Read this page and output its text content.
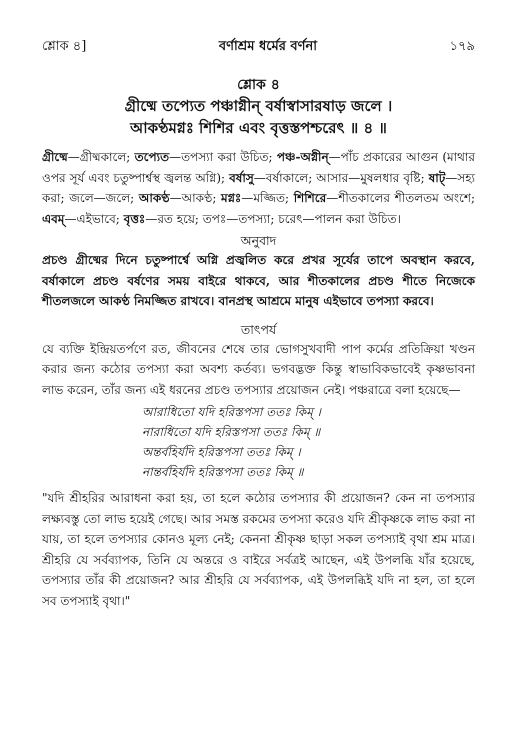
শ্লোক ৪]	বর্ণাশ্রম ধর্মের বর্ণনা	১৭৯
শ্লোক ৪
গ্রীষ্মে তপ্যেত পঞ্চাগ্নীন্ বর্ষাস্বাসারষাড় জলে ।
আকণ্ঠমগ্নঃ শিশির এবং বৃত্তস্তপশ্চরেৎ ॥ ৪ ॥
গ্রীষ্মে—গ্রীষ্মকালে; তপ্যেত—তপস্যা করা উচিত; পঞ্চ-অগ্নীন্—পাঁচ প্রকারের আগুন (মাথার ওপর সূর্য এবং চতুষ্পার্শ্বস্থ জ্বলন্ত অগ্নি); বর্ষাসু—বর্ষাকালে; আসার—মুষলধার বৃষ্টি; ষাট্—সহ্য করা; জলে—জলে; আকণ্ঠ—আকণ্ঠ; মগ্নঃ—মজ্জিত; শিশিরে—শীতকালের শীতলতম অংশে; এবম্—এইভাবে; বৃত্তঃ—রত হয়ে; তপঃ—তপস্যা; চরেৎ—পালন করা উচিত।
অনুবাদ
প্রচণ্ড গ্রীষ্মের দিনে চতুষ্পার্শ্বে অগ্নি প্রজ্বলিত করে প্রখর সূর্যের তাপে অবস্থান করবে, বর্ষাকালে প্রচণ্ড বর্ষণের সময় বাইরে থাকবে, আর শীতকালের প্রচণ্ড শীতে নিজেকে শীতলজলে আকণ্ঠ নিমজ্জিত রাখবে। বানপ্রস্থ আশ্রমে মানুষ এইভাবে তপস্যা করবে।
তাৎপর্য
যে ব্যক্তি ইন্দ্রিয়তর্পণে রত, জীবনের শেষে তার ভোগসুখবাদী পাপ কর্মের প্রতিক্রিয়া খণ্ডন করার জন্য কঠোর তপস্যা করা অবশ্য কর্তব্য। ভগবদ্ভক্ত কিন্তু স্বাভাবিকভাবেই কৃষ্ণভাবনা লাভ করেন, তাঁর জন্য এই ধরনের প্রচণ্ড তপস্যার প্রয়োজন নেই। পঞ্চরাত্রে বলা হয়েছে—
আরাধিতো যদি হরিস্তপসা ততঃ কিম্ ।
নারাধিতো যদি হরিস্তপসা ততঃ কিম্ ॥
অন্তর্বহির্যদি হরিস্তপসা ততঃ কিম্ ।
নান্তর্বহির্যদি হরিস্তপসা ততঃ কিম্ ॥
"যদি শ্রীহরির আরাধনা করা হয়, তা হলে কঠোর তপস্যার কী প্রয়োজন? কেন না তপস্যার লক্ষ্যবস্তু তো লাভ হয়েই গেছে। আর সমস্ত রকমের তপস্যা করেও যদি শ্রীকৃষ্ণকে লাভ করা না যায়, তা হলে তপস্যার কোনও মূল্য নেই; কেননা শ্রীকৃষ্ণ ছাড়া সকল তপস্যাই বৃথা শ্রম মাত্র। শ্রীহরি যে সর্বব্যাপক, তিনি যে অন্তরে ও বাইরে সর্বত্রই আছেন, এই উপলব্ধি যাঁর হয়েছে, তপস্যার তাঁর কী প্রয়োজন? আর শ্রীহরি যে সর্বব্যাপক, এই উপলব্ধিই যদি না হল, তা হলে সব তপস্যাই বৃথা।"
